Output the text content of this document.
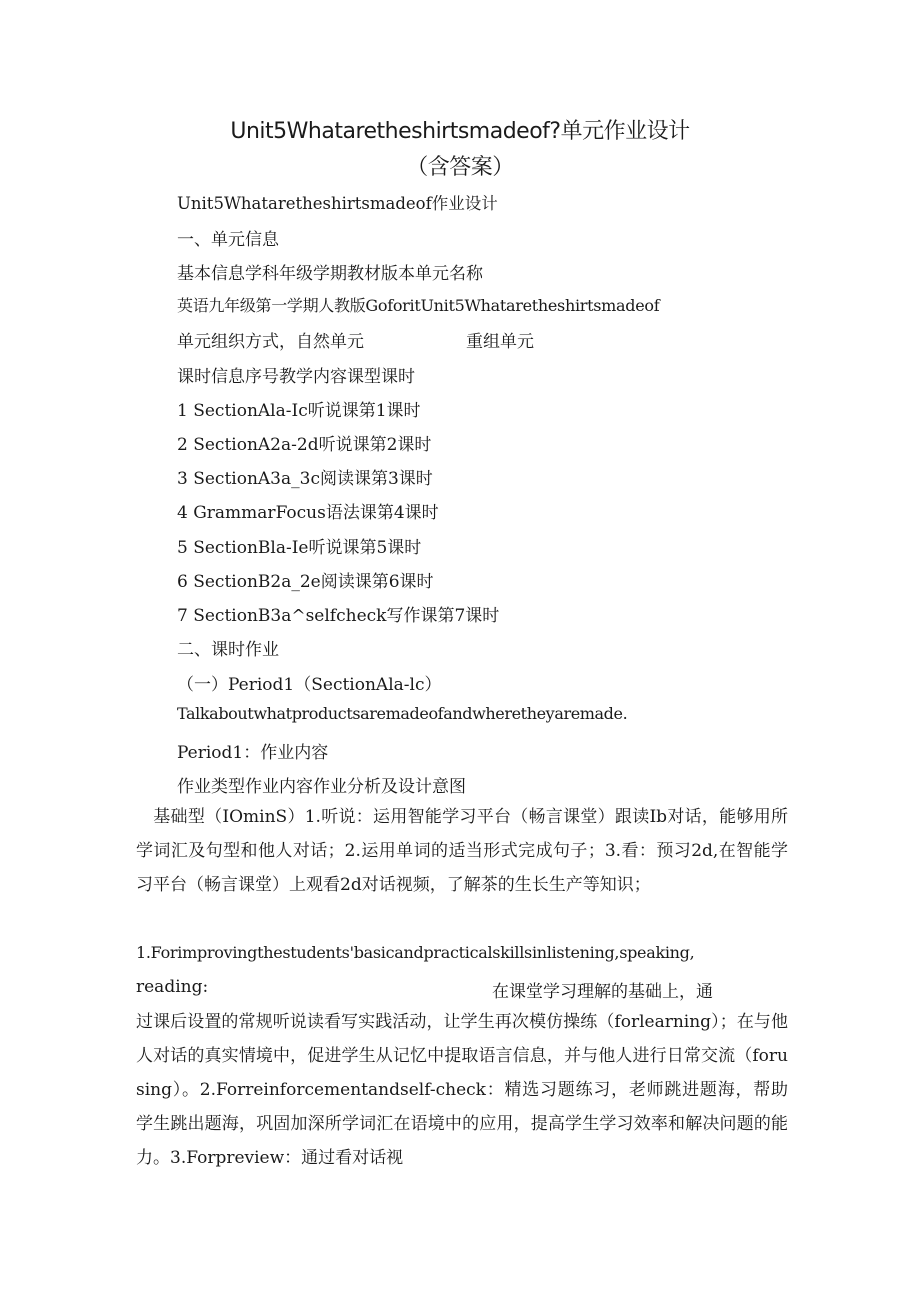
Unit5Whataretheshirtsmadeof?单元作业设计
（含答案）
Unit5Whataretheshirtsmadeof作业设计
一、单元信息
基本信息学科年级学期教材版本单元名称
英语九年级第一学期人教版GoforitUnit5Whataretheshirtsmadeof
单元组织方式，自然单元	重组单元
课时信息序号教学内容课型课时
1 SectionAla-Ic听说课第1课时
2 SectionA2a-2d听说课第2课时
3 SectionA3a_3c阅读课第3课时
4 GrammarFocus语法课第4课时
5 SectionBla-Ie听说课第5课时
6 SectionB2a_2e阅读课第6课时
7 SectionB3a^selfcheck写作课第7课时
二、课时作业
（一）Period1（SectionAla-lc）
Talkaboutwhatproductsaremadeofandwheretheyaremade.
Period1：作业内容
作业类型作业内容作业分析及设计意图
　基础型（IOminS）1.听说：运用智能学习平台（畅言课堂）跟读Ib对话，能够用所学词汇及句型和他人对话；2.运用单词的适当形式完成句子；3.看：预习2d,在智能学习平台（畅言课堂）上观看2d对话视频，了解茶的生长生产等知识；
1.Forimprovingthestudents'basicandpracticalskillsinlistening,speaking,
reading:	在课堂学习理解的基础上，通
过课后设置的常规听说读看写实践活动，让学生再次模仿操练（forlearning）；在与他人对话的真实情境中，促进学生从记忆中提取语言信息，并与他人进行日常交流（forusing）。2.Forreinforcementandself-check：精选习题练习，老师跳进题海，帮助学生跳出题海，巩固加深所学词汇在语境中的应用，提高学生学习效率和解决问题的能力。3.Forpreview：通过看对话视
